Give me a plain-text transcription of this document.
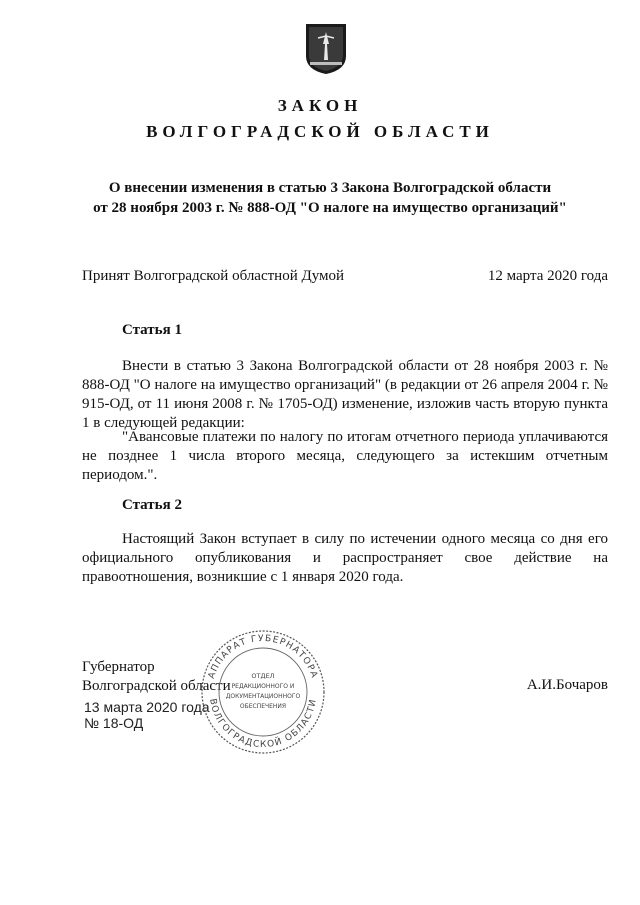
ЗАКОН
ВОЛГОГРАДСКОЙ ОБЛАСТИ
О внесении изменения в статью 3 Закона Волгоградской области
от 28 ноября 2003 г. № 888-ОД "О налоге на имущество организаций"
Принят Волгоградской областной Думой	12 марта 2020 года
Статья 1
Внести в статью 3 Закона Волгоградской области от 28 ноября 2003 г. № 888-ОД "О налоге на имущество организаций" (в редакции от 26 апреля 2004 г. № 915-ОД, от 11 июня 2008 г. № 1705-ОД) изменение, изложив часть вторую пункта 1 в следующей редакции:
"Авансовые платежи по налогу по итогам отчетного периода уплачиваются не позднее 1 числа второго месяца, следующего за истекшим отчетным периодом.".
Статья 2
Настоящий Закон вступает в силу по истечении одного месяца со дня его официального опубликования и распространяет свое действие на правоотношения, возникшие с 1 января 2020 года.
Губернатор
Волгоградской области	А.И.Бочаров
13 марта 2020 года
№ 18-ОД
АППАРАТ ГУБЕРНАТОРА
ВОЛГОГРАДСКОЙ ОБЛАСТИ
ОТДЕЛ
РЕДАКЦИОННОГО И
ДОКУМЕНТАЦИОННОГО
ОБЕСПЕЧЕНИЯ
